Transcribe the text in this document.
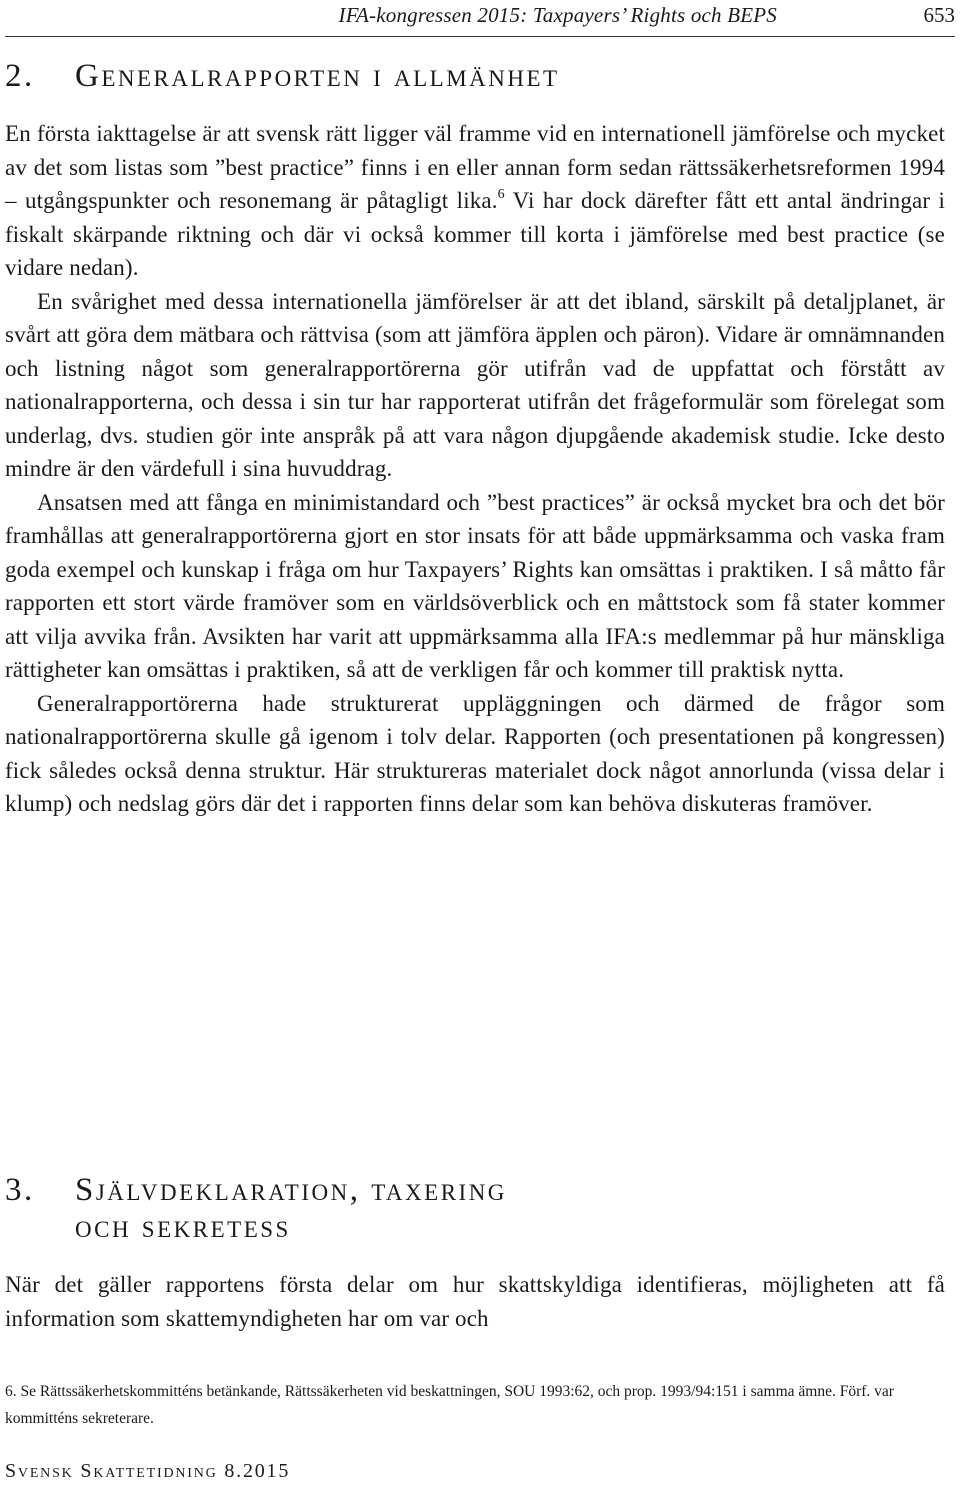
IFA-kongressen 2015: Taxpayers’ Rights och BEPS	653
2. Generalrapporten i allmänhet

En första iakttagelse är att svensk rätt ligger väl framme vid en internationell jämförelse och mycket av det som listas som ”best practice” finns i en eller annan form sedan rättssäkerhetsreformen 1994 – utgångspunkter och resonemang är påtagligt lika.$^6$ Vi har dock därefter fått ett antal ändringar i fiskalt skärpande riktning och där vi också kommer till korta i jämförelse med best practice (se vidare nedan).

En svårighet med dessa internationella jämförelser är att det ibland, särskilt på detaljplanet, är svårt att göra dem mätbara och rättvisa (som att jämföra äpplen och päron). Vidare är omnämnanden och listning något som generalrapportörerna gör utifrån vad de uppfattat och förstått av nationalrapporterna, och dessa i sin tur har rapporterat utifrån det frågeformulär som förelegat som underlag, dvs. studien gör inte anspråk på att vara någon djupgående akademisk studie. Icke desto mindre är den värdefull i sina huvuddrag.

Ansatsen med att fånga en minimistandard och ”best practices” är också mycket bra och det bör framhållas att generalrapportörerna gjort en stor insats för att både uppmärksamma och vaska fram goda exempel och kunskap i fråga om hur Taxpayers’ Rights kan omsättas i praktiken. I så måtto får rapporten ett stort värde framöver som en världsöverblick och en måttstock som få stater kommer att vilja avvika från. Avsikten har varit att uppmärksamma alla IFA:s medlemmar på hur mänskliga rättigheter kan omsättas i praktiken, så att de verkligen får och kommer till praktisk nytta.

Generalrapportörerna hade strukturerat uppläggningen och därmed de frågor som nationalrapportörerna skulle gå igenom i tolv delar. Rapporten (och presentationen på kongressen) fick således också denna struktur. Här struktureras materialet dock något annorlunda (vissa delar i klump) och nedslag görs där det i rapporten finns delar som kan behöva diskuteras framöver.

3. Självdeklaration, taxering
och sekretess

När det gäller rapportens första delar om hur skattskyldiga identifieras, möjligheten att få information som skattemyndigheten har om var och

6. Se Rättssäkerhetskommitténs betänkande, Rättssäkerheten vid beskattningen, SOU 1993:62, och prop. 1993/94:151 i samma ämne. Förf. var kommitténs sekreterare.

Svensk Skattetidning 8.2015
